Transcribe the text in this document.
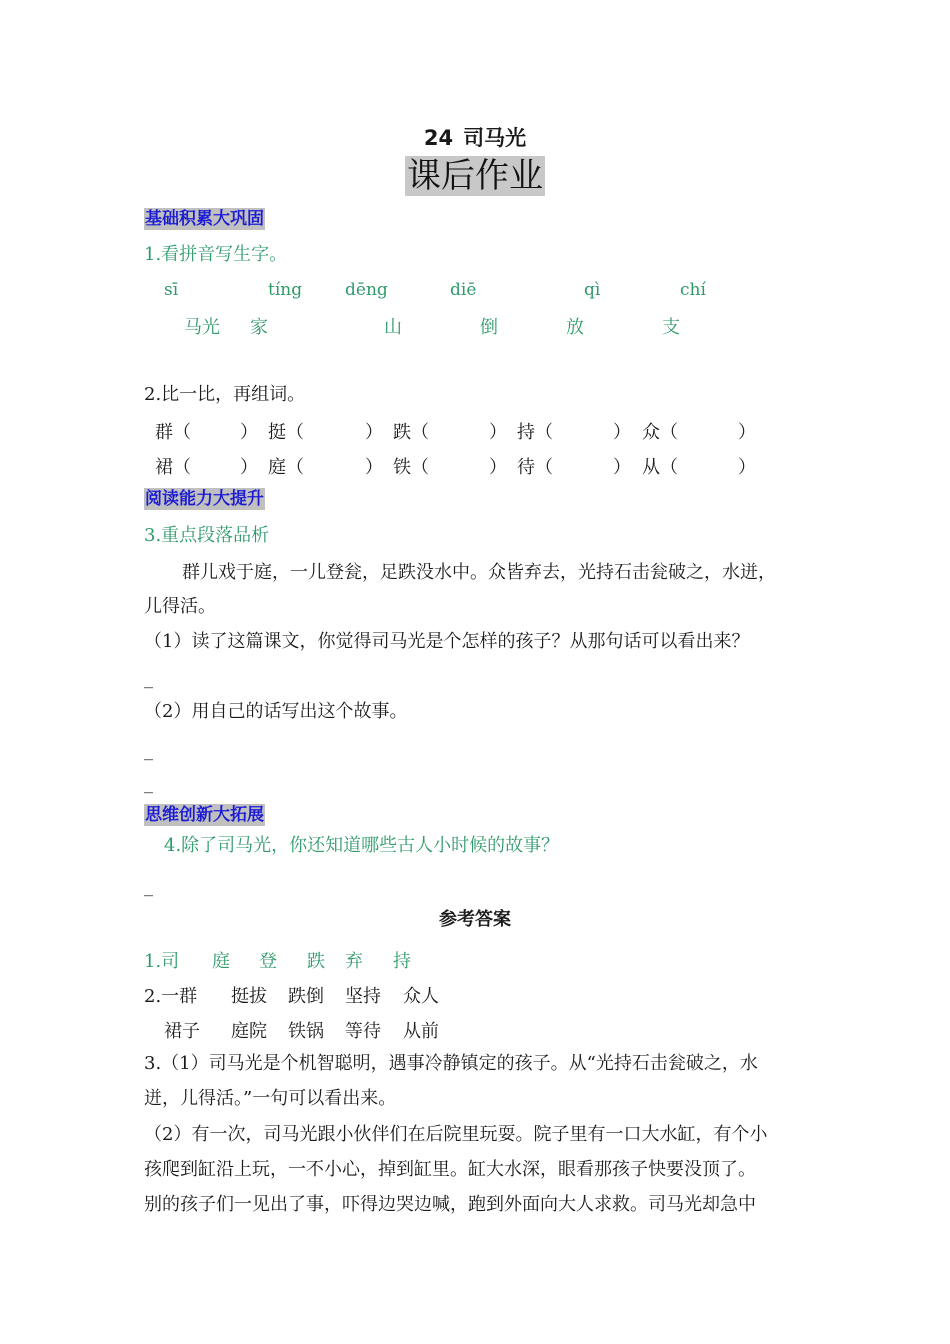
24 司马光
课后作业
基础积累大巩固
1.看拼音写生字。
sī	tíng	dēng	diē	qì	chí
马光 家	山	倒	放	支
2.比一比，再组词。
群（	） 挺（	） 跌（	） 持（	） 众（	）
裙（	） 庭（	） 铁（	） 待（	） 从（	）
阅读能力大提升
3.重点段落品析
群儿戏于庭，一儿登瓮，足跌没水中。众皆弃去，光持石击瓮破之，水迸，
儿得活。
（1）读了这篇课文，你觉得司马光是个怎样的孩子？从那句话可以看出来？
_
（2）用自己的话写出这个故事。
_
_
思维创新大拓展
4.除了司马光，你还知道哪些古人小时候的故事？
_
参考答案
1.司 庭 登 跌 弃 持
2.一群 挺拔 跌倒 坚持 众人
裙子 庭院 铁锅 等待 从前
3.（1）司马光是个机智聪明，遇事冷静镇定的孩子。从“光持石击瓮破之，水
迸，儿得活。”一句可以看出来。
（2）有一次，司马光跟小伙伴们在后院里玩耍。院子里有一口大水缸，有个小
孩爬到缸沿上玩，一不小心，掉到缸里。缸大水深，眼看那孩子快要没顶了。
别的孩子们一见出了事，吓得边哭边喊，跑到外面向大人求救。司马光却急中
